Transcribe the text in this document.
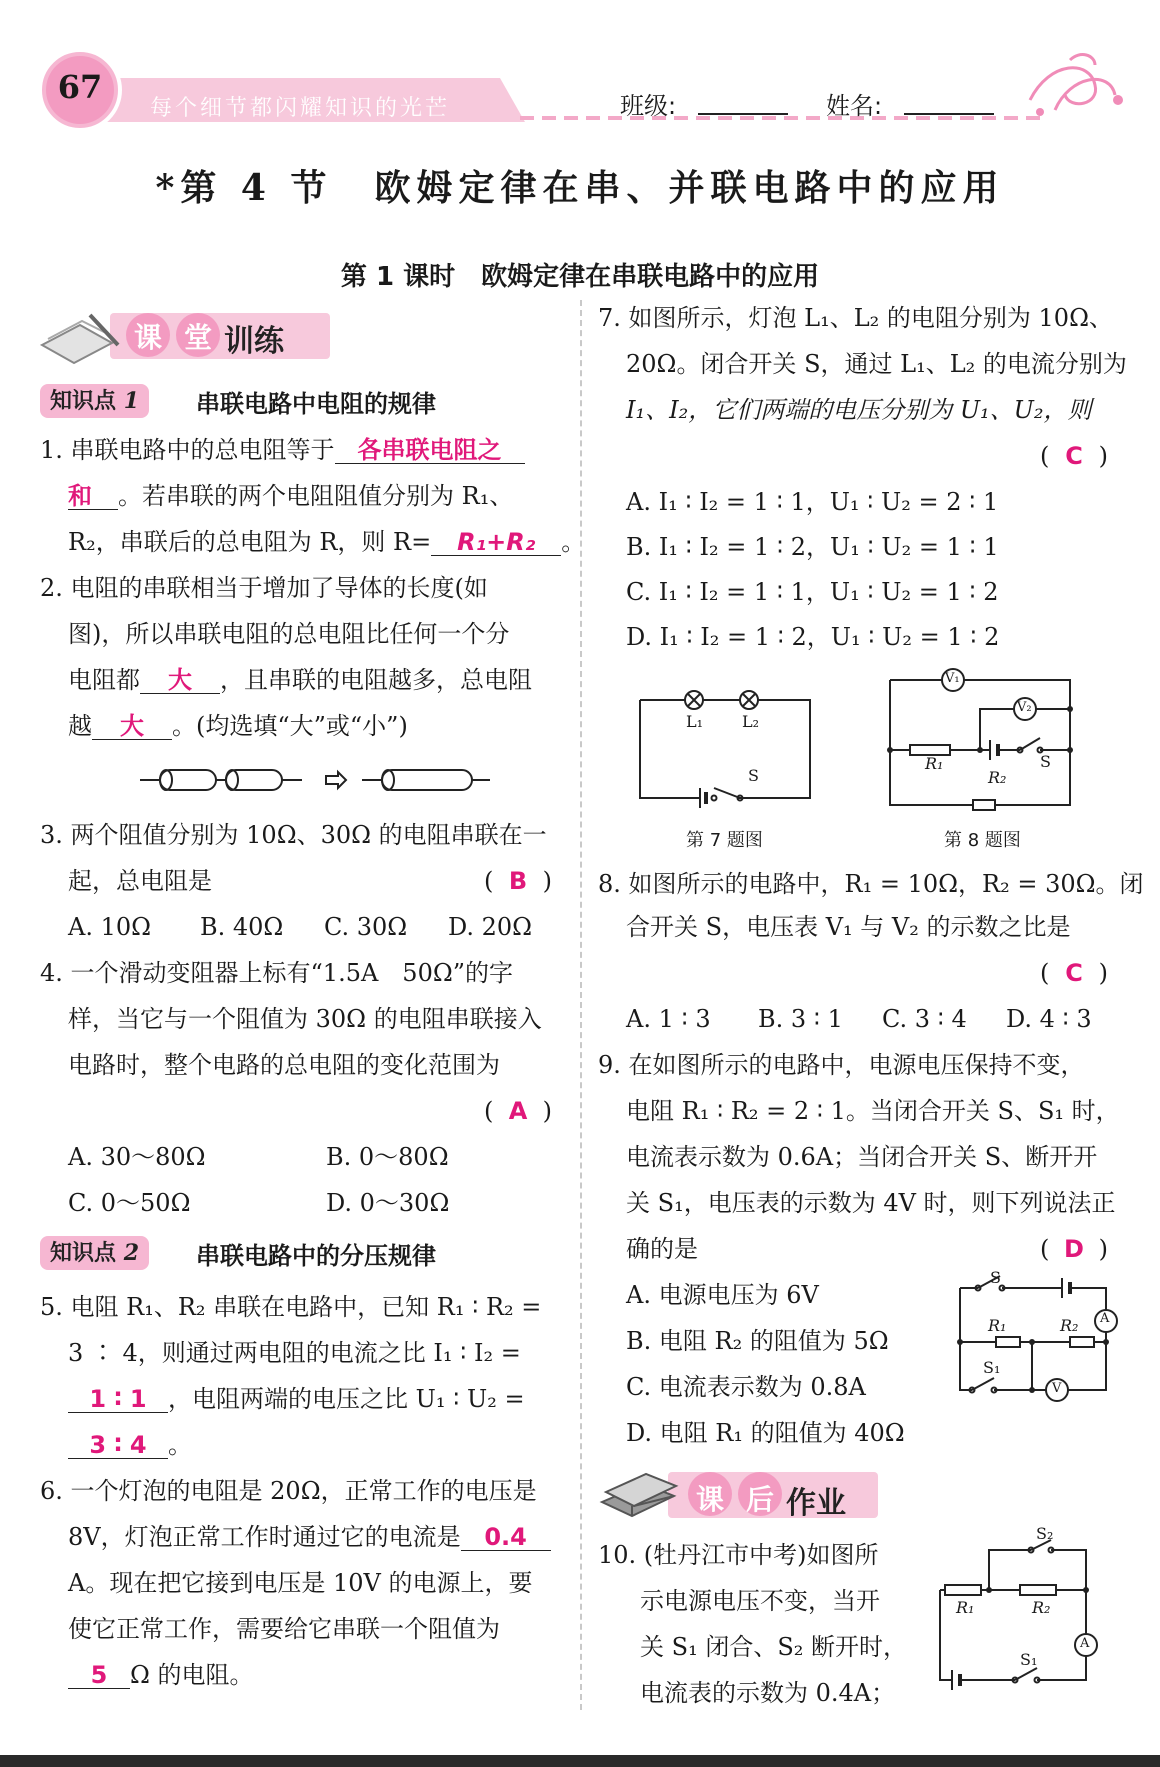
67
每个细节都闪耀知识的光芒	班级:	姓名:
*第 4 节　欧姆定律在串、并联电路中的应用
第 1 课时　欧姆定律在串联电路中的应用
课 堂 训练
知识点 1	串联电路中电阻的规律
1. 串联电路中的总电阻等于 各串联电阻之
和 。若串联的两个电阻阻值分别为 R₁、
R₂，串联后的总电阻为 R，则 R= R₁+R₂ 。
2. 电阻的串联相当于增加了导体的长度(如
图)，所以串联电阻的总电阻比任何一个分
电阻都 大 ，且串联的电阻越多，总电阻
越 大 。(均选填“大”或“小”)
3. 两个阻值分别为 10Ω、30Ω 的电阻串联在一
起，总电阻是	( B )
A. 10Ω B. 40Ω C. 30Ω D. 20Ω
4. 一个滑动变阻器上标有“1.5A　50Ω”的字
样，当它与一个阻值为 30Ω 的电阻串联接入
电路时，整个电路的总电阻的变化范围为
( A )
A. 30～80Ω	B. 0～80Ω
C. 0～50Ω	D. 0～30Ω
知识点 2	串联电路中的分压规律
5. 电阻 R₁、R₂ 串联在电路中，已知 R₁ ∶ R₂ =
3 ∶ 4，则通过两电阻的电流之比 I₁ ∶ I₂ =
1 ∶ 1 ，电阻两端的电压之比 U₁ ∶ U₂ =
3 ∶ 4 。
6. 一个灯泡的电阻是 20Ω，正常工作的电压是
8V，灯泡正常工作时通过它的电流是 0.4
A。现在把它接到电压是 10V 的电源上，要
使它正常工作，需要给它串联一个阻值为
5 Ω 的电阻。
7. 如图所示，灯泡 L₁、L₂ 的电阻分别为 10Ω、
20Ω。闭合开关 S，通过 L₁、L₂ 的电流分别为
I₁、I₂，它们两端的电压分别为 U₁、U₂，则
( C )
A. I₁ ∶ I₂ = 1 ∶ 1，U₁ ∶ U₂ = 2 ∶ 1
B. I₁ ∶ I₂ = 1 ∶ 2，U₁ ∶ U₂ = 1 ∶ 1
C. I₁ ∶ I₂ = 1 ∶ 1，U₁ ∶ U₂ = 1 ∶ 2
D. I₁ ∶ I₂ = 1 ∶ 2，U₁ ∶ U₂ = 1 ∶ 2
L₁ L₂
S
第 7 题图
V₁
V₂
R₁
R₂
S
第 8 题图
8. 如图所示的电路中，R₁ = 10Ω，R₂ = 30Ω。闭
合开关 S，电压表 V₁ 与 V₂ 的示数之比是
( C )
A. 1 ∶ 3 B. 3 ∶ 1 C. 3 ∶ 4 D. 4 ∶ 3
9. 在如图所示的电路中，电源电压保持不变，
电阻 R₁ ∶ R₂ = 2 ∶ 1。当闭合开关 S、S₁ 时，
电流表示数为 0.6A；当闭合开关 S、断开开
关 S₁，电压表的示数为 4V 时，则下列说法正
确的是	( D )
A. 电源电压为 6V
B. 电阻 R₂ 的阻值为 5Ω
C. 电流表示数为 0.8A
D. 电阻 R₁ 的阻值为 40Ω
S
R₁	R₂ A
S₁
V
课 后 作业
10. (牡丹江市中考)如图所
示电源电压不变，当开
关 S₁ 闭合、S₂ 断开时，
电流表的示数为 0.4A；
S₂
R₁	R₂
A
S₁
